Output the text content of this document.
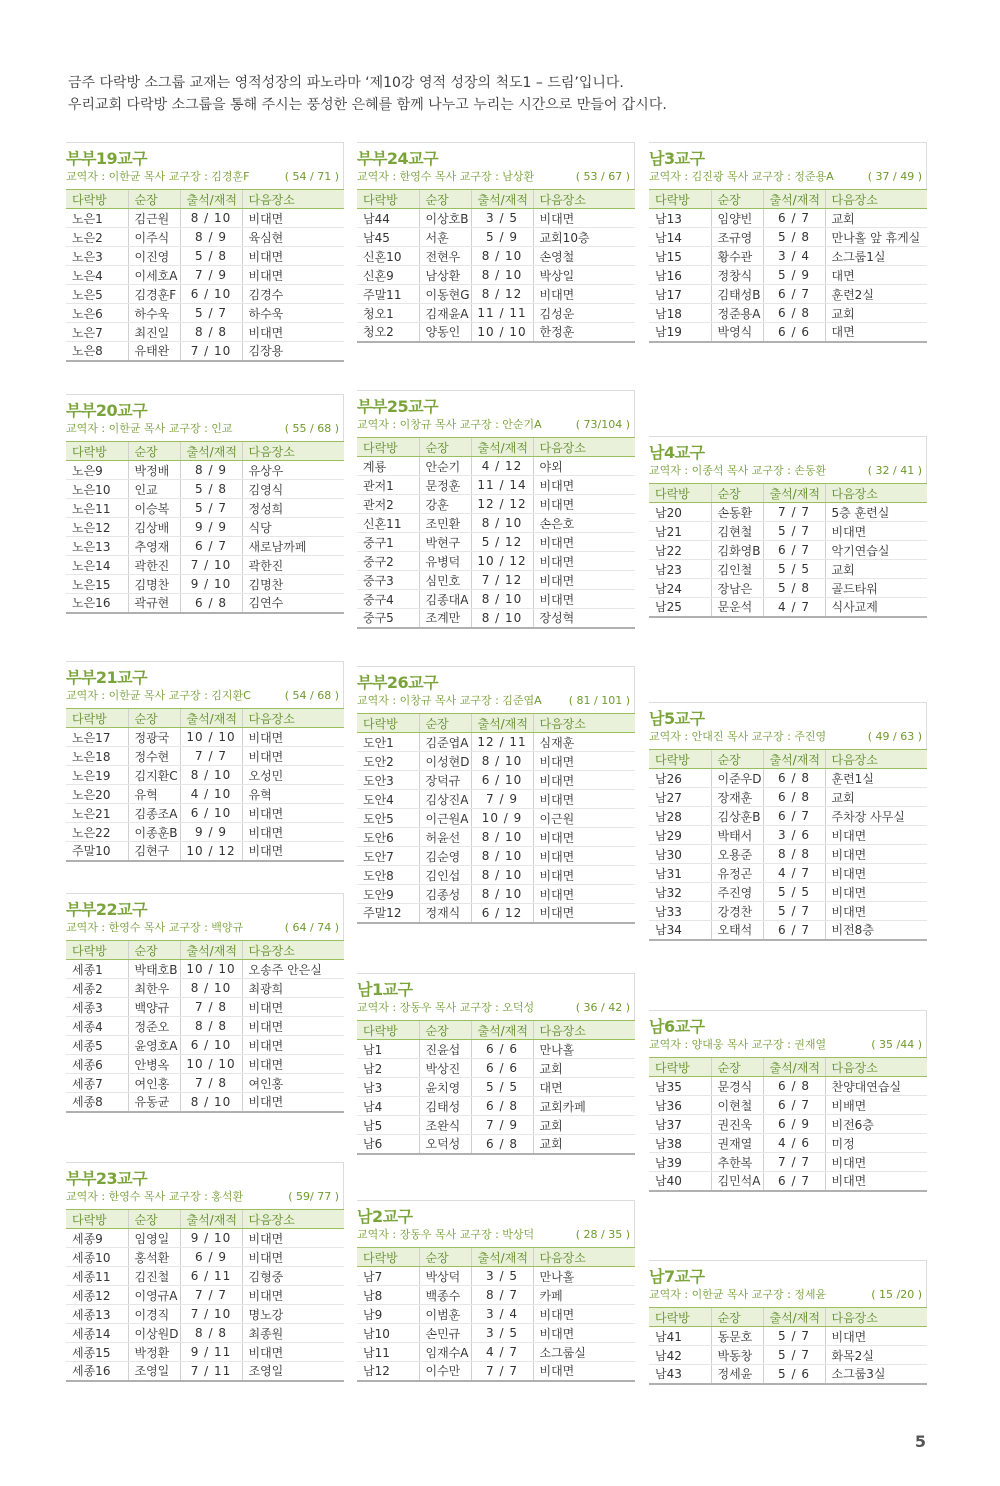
금주 다락방 소그룹 교재는 영적성장의 파노라마 ‘제10강 영적 성장의 척도1 – 드림’입니다.
우리교회 다락방 소그룹을 통해 주시는 풍성한 은혜를 함께 나누고 누리는 시간으로 만들어 갑시다.
부부19교구
교역자 : 이한균 목사 교구장 : 김경훈F	( 54 / 71 )
다락방	순장	출석/재적	다음장소
노은1	김근원	8 / 10	비대면
노은2	이주식	8 / 9	육심현
노은3	이진영	5 / 8	비대면
노은4	이세호A	7 / 9	비대면
노은5	김경훈F	6 / 10	김경수
노은6	하수욱	5 / 7	하수욱
노은7	최진일	8 / 8	비대면
노은8	유태완	7 / 10	김장용
부부20교구
교역자 : 이한균 목사 교구장 : 인교	( 55 / 68 )
다락방	순장	출석/재적	다음장소
노은9	박정배	8 / 9	유상우
노은10	인교	5 / 8	김영식
노은11	이승복	5 / 7	정성희
노은12	김상배	9 / 9	식당
노은13	추영재	6 / 7	새로남까페
노은14	곽한진	7 / 10	곽한진
노은15	김명찬	9 / 10	김명찬
노은16	곽규현	6 / 8	김연수
부부21교구
교역자 : 이한균 목사 교구장 : 김지환C	( 54 / 68 )
다락방	순장	출석/재적	다음장소
노은17	정광국	10 / 10	비대면
노은18	정수현	7 / 7	비대면
노은19	김지환C	8 / 10	오성민
노은20	유혁	4 / 10	유혁
노은21	김종조A	6 / 10	비대면
노은22	이종훈B	9 / 9	비대면
주말10	김현구	10 / 12	비대면
부부22교구
교역자 : 한영수 목사 교구장 : 백양규	( 64 / 74 )
다락방	순장	출석/재적	다음장소
세종1	박태호B	10 / 10	오송주 안은실
세종2	최한우	8 / 10	최광희
세종3	백양규	7 / 8	비대면
세종4	정준오	8 / 8	비대면
세종5	윤영호A	6 / 10	비대면
세종6	안병옥	10 / 10	비대면
세종7	여인홍	7 / 8	여인홍
세종8	유동균	8 / 10	비대면
부부23교구
교역자 : 한영수 목사 교구장 : 홍석환	( 59/ 77 )
다락방	순장	출석/재적	다음장소
세종9	임영일	9 / 10	비대면
세종10	홍석환	6 / 9	비대면
세종11	김진철	6 / 11	김형중
세종12	이영규A	7 / 7	비대면
세종13	이경직	7 / 10	명노강
세종14	이상원D	8 / 8	최종원
세종15	박정환	9 / 11	비대면
세종16	조영일	7 / 11	조영일
부부24교구
교역자 : 한영수 목사 교구장 : 남상환	( 53 / 67 )
다락방	순장	출석/재적	다음장소
남44	이상호B	3 / 5	비대면
남45	서훈	5 / 9	교회10층
신혼10	전현우	8 / 10	손영철
신혼9	남상환	8 / 10	박상일
주말11	이동현G	8 / 12	비대면
청오1	김재윤A	11 / 11	김성운
청오2	양동인	10 / 10	한정훈
부부25교구
교역자 : 이창규 목사 교구장 : 안순기A	( 73/104 )
다락방	순장	출석/재적	다음장소
계룡	안순기	4 / 12	야외
관저1	문정훈	11 / 14	비대면
관저2	강훈	12 / 12	비대면
신혼11	조민환	8 / 10	손은호
중구1	박현구	5 / 12	비대면
중구2	유병덕	10 / 12	비대면
중구3	심민호	7 / 12	비대면
중구4	김종대A	8 / 10	비대면
중구5	조계만	8 / 10	장성혁
부부26교구
교역자 : 이창규 목사 교구장 : 김준엽A ( 81 / 101 )
다락방	순장	출석/재적	다음장소
도안1	김준엽A	12 / 11	심재훈
도안2	이성현D	8 / 10	비대면
도안3	장덕규	6 / 10	비대면
도안4	김상진A	7 / 9	비대면
도안5	이근원A	10 / 9	이근원
도안6	허윤선	8 / 10	비대면
도안7	김순영	8 / 10	비대면
도안8	김인섭	8 / 10	비대면
도안9	김종성	8 / 10	비대면
주말12	정재식	6 / 12	비대면
남1교구
교역자 : 장동우 목사 교구장 : 오덕성	( 36 / 42 )
다락방	순장	출석/재적	다음장소
남1	진윤섭	6 / 6	만나홀
남2	박상진	6 / 6	교회
남3	윤치영	5 / 5	대면
남4	김태성	6 / 8	교회카페
남5	조완식	7 / 9	교회
남6	오덕성	6 / 8	교회
남2교구
교역자 : 장동우 목사 교구장 : 박상덕	( 28 / 35 )
다락방	순장	출석/재적	다음장소
남7	박상덕	3 / 5	만나홀
남8	백종수	8 / 7	카페
남9	이범훈	3 / 4	비대면
남10	손민규	3 / 5	비대면
남11	임재수A	4 / 7	소그룹실
남12	이수만	7 / 7	비대면
남3교구
교역자 : 김진광 목사 교구장 : 정준용A	( 37 / 49 )
다락방	순장	출석/재적	다음장소
남13	임양빈	6 / 7	교회
남14	조규영	5 / 8	만나홀 앞 휴게실
남15	황수관	3 / 4	소그룹1실
남16	정창식	5 / 9	대면
남17	김태성B	6 / 7	훈련2실
남18	정준용A	6 / 8	교회
남19	박영식	6 / 6	대면
남4교구
교역자 : 이종석 목사 교구장 : 손동환	( 32 / 41 )
다락방	순장	출석/재적	다음장소
남20	손동환	7 / 7	5층 훈련실
남21	김현철	5 / 7	비대면
남22	김화영B	6 / 7	악기연습실
남23	김인철	5 / 5	교회
남24	장남은	5 / 8	골드타워
남25	문운석	4 / 7	식사교제
남5교구
교역자 : 안대진 목사 교구장 : 주진영	( 49 / 63 )
다락방	순장	출석/재적	다음장소
남26	이준우D	6 / 8	훈련1실
남27	장재훈	6 / 8	교회
남28	김상훈B	6 / 7	주차장 사무실
남29	박태서	3 / 6	비대면
남30	오용준	8 / 8	비대면
남31	유정곤	4 / 7	비대면
남32	주진영	5 / 5	비대면
남33	강경찬	5 / 7	비대면
남34	오태석	6 / 7	비전8층
남6교구
교역자 : 양대웅 목사 교구장 : 권재열	( 35 /44 )
다락방	순장	출석/재적	다음장소
남35	문경식	6 / 8	찬양대연습실
남36	이현철	6 / 7	비배면
남37	권진욱	6 / 9	비전6층
남38	권재열	4 / 6	미정
남39	추한복	7 / 7	비대면
남40	김민석A	6 / 7	비대면
남7교구
교역자 : 이한균 목사 교구장 : 정세윤	( 15 /20 )
다락방	순장	출석/재적	다음장소
남41	동문호	5 / 7	비대면
남42	박동창	5 / 7	화목2실
남43	정세윤	5 / 6	소그룹3실
5
